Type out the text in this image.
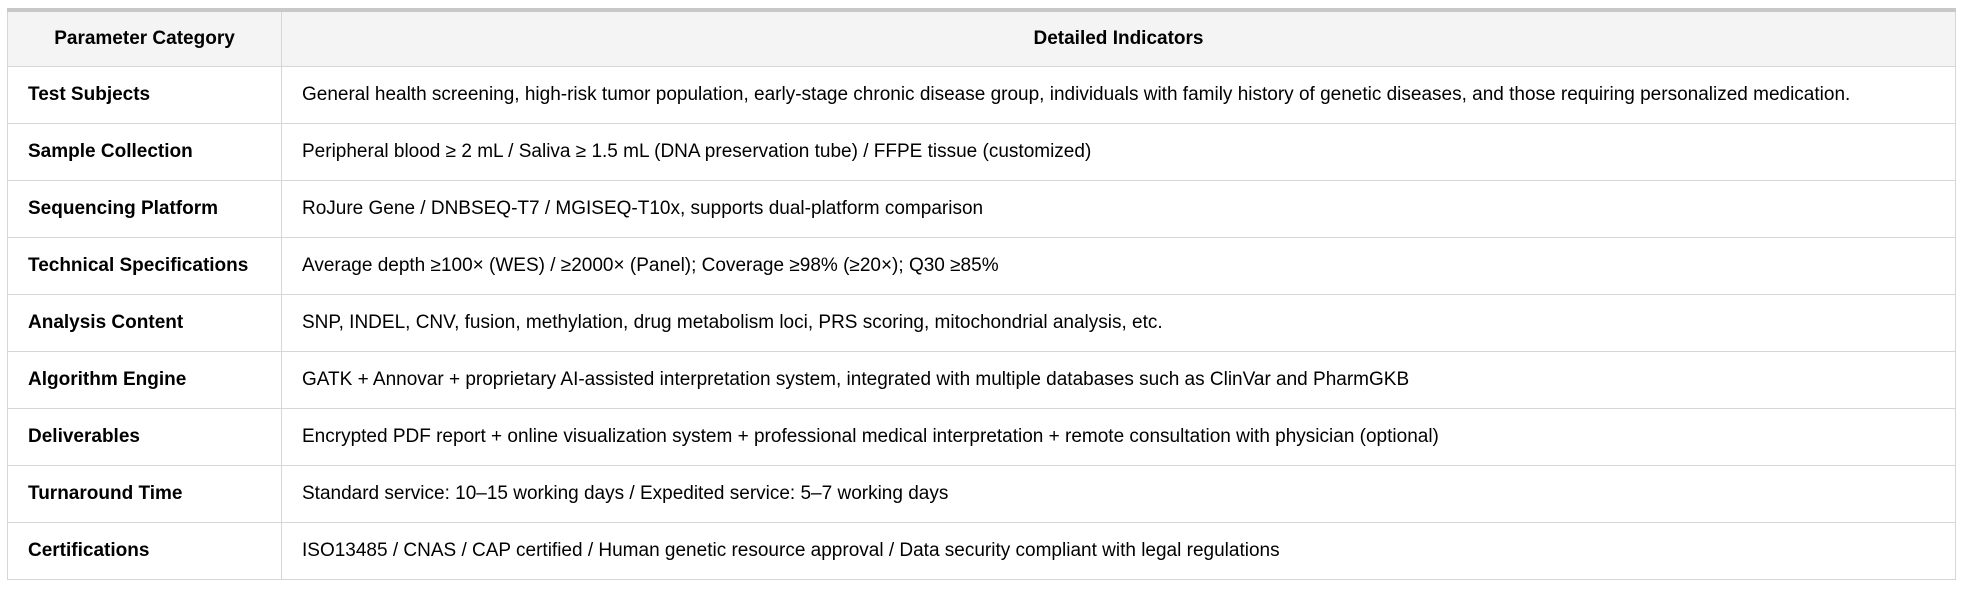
Parameter Category	Detailed Indicators
Test Subjects	General health screening, high-risk tumor population, early-stage chronic disease group, individuals with family history of genetic diseases, and those requiring personalized medication.
Sample Collection	Peripheral blood ≥ 2 mL / Saliva ≥ 1.5 mL (DNA preservation tube) / FFPE tissue (customized)
Sequencing Platform	RoJure Gene / DNBSEQ-T7 / MGISEQ-T10x, supports dual-platform comparison
Technical Specifications	Average depth ≥100× (WES) / ≥2000× (Panel); Coverage ≥98% (≥20×); Q30 ≥85%
Analysis Content	SNP, INDEL, CNV, fusion, methylation, drug metabolism loci, PRS scoring, mitochondrial analysis, etc.
Algorithm Engine	GATK + Annovar + proprietary AI-assisted interpretation system, integrated with multiple databases such as ClinVar and PharmGKB
Deliverables	Encrypted PDF report + online visualization system + professional medical interpretation + remote consultation with physician (optional)
Turnaround Time	Standard service: 10–15 working days / Expedited service: 5–7 working days
Certifications	ISO13485 / CNAS / CAP certified / Human genetic resource approval / Data security compliant with legal regulations
